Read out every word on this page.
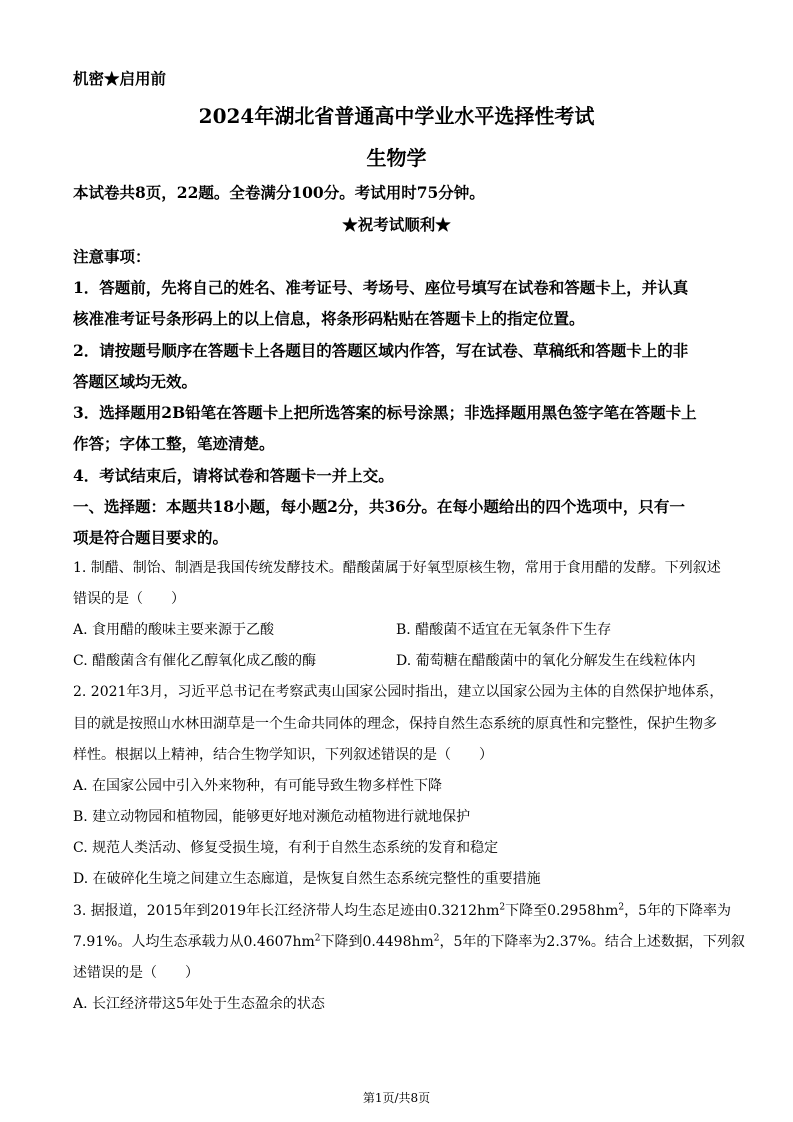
机密★启用前
2024年湖北省普通高中学业水平选择性考试
生物学
本试卷共8页，22题。全卷满分100分。考试用时75分钟。
★祝考试顺利★
注意事项：
1．答题前，先将自己的姓名、准考证号、考场号、座位号填写在试卷和答题卡上，并认真
核准准考证号条形码上的以上信息，将条形码粘贴在答题卡上的指定位置。
2．请按题号顺序在答题卡上各题目的答题区域内作答，写在试卷、草稿纸和答题卡上的非
答题区域均无效。
3．选择题用2B铅笔在答题卡上把所选答案的标号涂黑；非选择题用黑色签字笔在答题卡上
作答；字体工整，笔迹清楚。
4．考试结束后，请将试卷和答题卡一并上交。
一、选择题：本题共18小题，每小题2分，共36分。在每小题给出的四个选项中，只有一
项是符合题目要求的。
1. 制醋、制饴、制酒是我国传统发酵技术。醋酸菌属于好氧型原核生物，常用于食用醋的发酵。下列叙述
错误的是（　　）
A. 食用醋的酸味主要来源于乙酸	B. 醋酸菌不适宜在无氧条件下生存
C. 醋酸菌含有催化乙醇氧化成乙酸的酶	D. 葡萄糖在醋酸菌中的氧化分解发生在线粒体内
2. 2021年3月，习近平总书记在考察武夷山国家公园时指出，建立以国家公园为主体的自然保护地体系，
目的就是按照山水林田湖草是一个生命共同体的理念，保持自然生态系统的原真性和完整性，保护生物多
样性。根据以上精神，结合生物学知识，下列叙述错误的是（　　）
A. 在国家公园中引入外来物种，有可能导致生物多样性下降
B. 建立动物园和植物园，能够更好地对濒危动植物进行就地保护
C. 规范人类活动、修复受损生境，有利于自然生态系统的发育和稳定
D. 在破碎化生境之间建立生态廊道，是恢复自然生态系统完整性的重要措施
3. 据报道，2015年到2019年长江经济带人均生态足迹由$0.3212hm^2$下降至$0.2958hm^2$，5年的下降率为
7.91%。人均生态承载力从$0.4607hm^2$下降到$0.4498hm^2$，5年的下降率为2.37%。结合上述数据，下列叙
述错误的是（　　）
A. 长江经济带这5年处于生态盈余的状态
第1页/共8页
